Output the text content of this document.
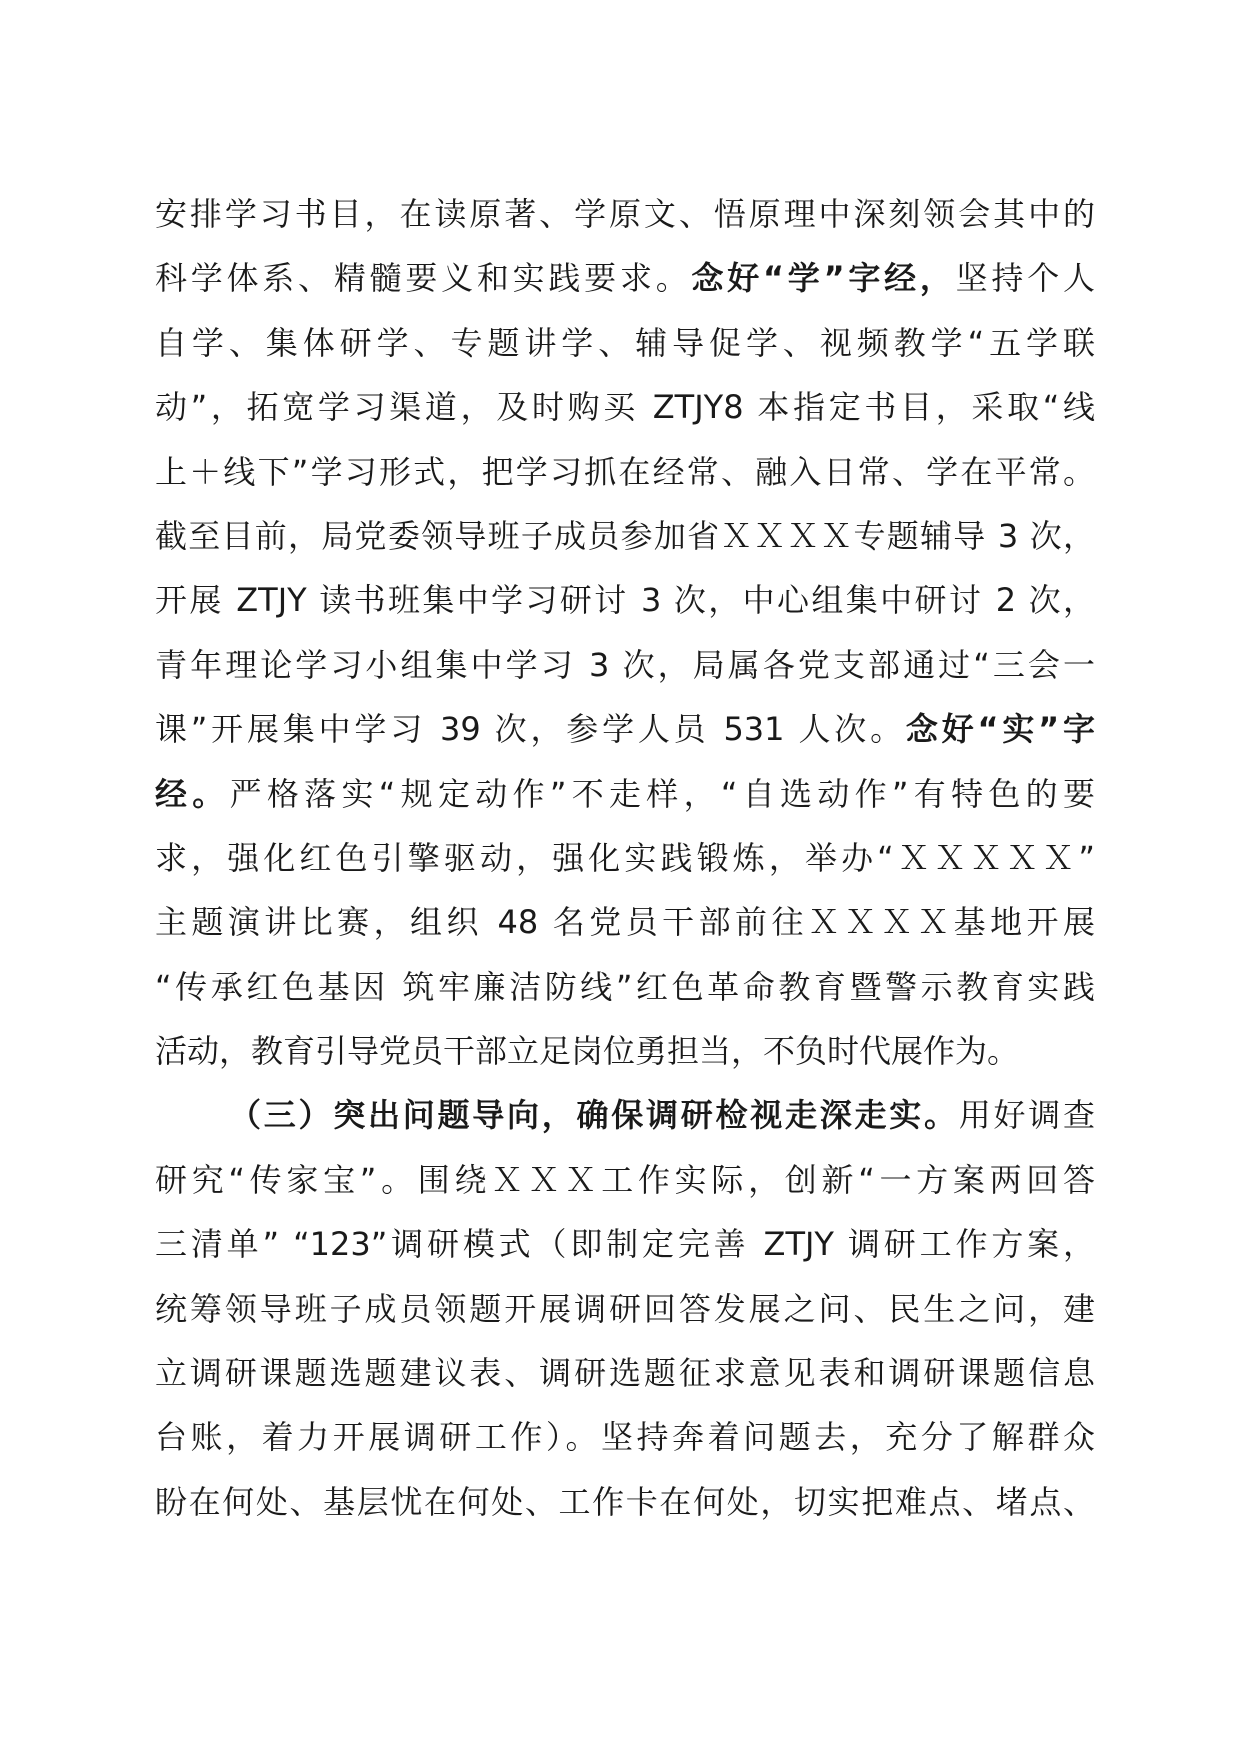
安排学习书目，在读原著、学原文、悟原理中深刻领会其中的
科学体系、精髓要义和实践要求。念好“学”字经，坚持个人
自学、集体研学、专题讲学、辅导促学、视频教学“五学联
动”，拓宽学习渠道，及时购买 ZTJY8 本指定书目，采取“线
上＋线下”学习形式，把学习抓在经常、融入日常、学在平常。
截至目前，局党委领导班子成员参加省ＸＸＸＸ专题辅导 3 次，
开展 ZTJY 读书班集中学习研讨 3 次，中心组集中研讨 2 次，
青年理论学习小组集中学习 3 次，局属各党支部通过“三会一
课”开展集中学习 39 次，参学人员 531 人次。念好“实”字
经。严格落实“规定动作”不走样，“自选动作”有特色的要
求，强化红色引擎驱动，强化实践锻炼，举办“ＸＸＸＸＸ”
主题演讲比赛，组织 48 名党员干部前往ＸＸＸＸ基地开展
“传承红色基因 筑牢廉洁防线”红色革命教育暨警示教育实践
活动，教育引导党员干部立足岗位勇担当，不负时代展作为。
（三）突出问题导向，确保调研检视走深走实。用好调查
研究“传家宝”。围绕ＸＸＸ工作实际，创新“一方案两回答
三清单” “123”调研模式（即制定完善 ZTJY 调研工作方案，
统筹领导班子成员领题开展调研回答发展之问、民生之问，建
立调研课题选题建议表、调研选题征求意见表和调研课题信息
台账，着力开展调研工作）。坚持奔着问题去，充分了解群众
盼在何处、基层忧在何处、工作卡在何处，切实把难点、堵点、
